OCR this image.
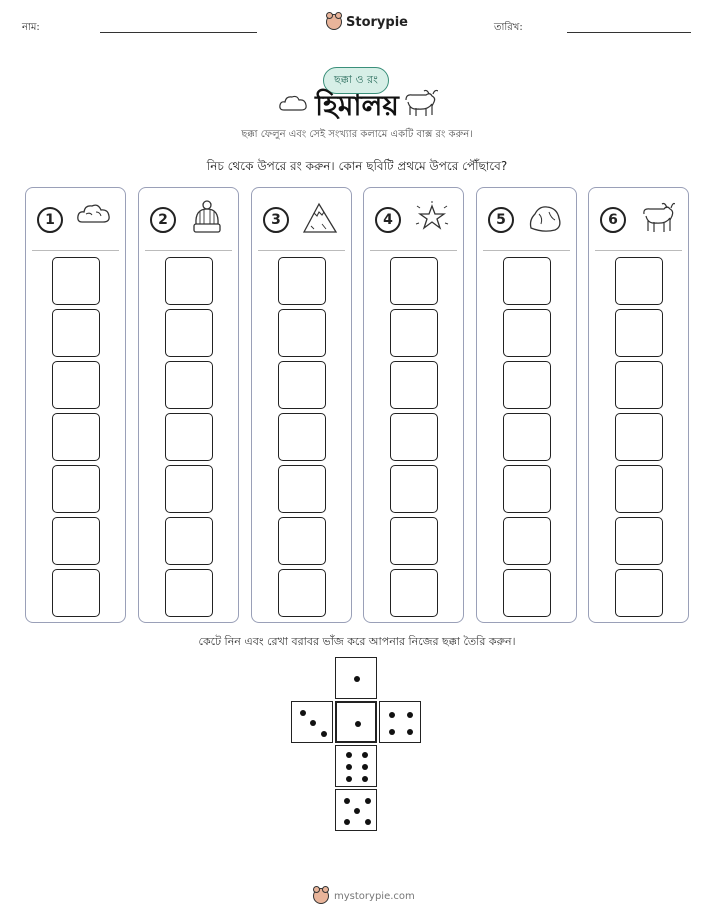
নাম:	Storypie	তারিখ:
ছক্কা ও রং
হিমালয়
ছক্কা ফেলুন এবং সেই সংখ্যার কলামে একটি বাক্স রং করুন।
নিচ থেকে উপরে রং করুন। কোন ছবিটি প্রথমে উপরে পৌঁছাবে?
1	2	3	4	5	6
কেটে নিন এবং রেখা বরাবর ভাঁজ করে আপনার নিজের ছক্কা তৈরি করুন।
mystorypie.com
